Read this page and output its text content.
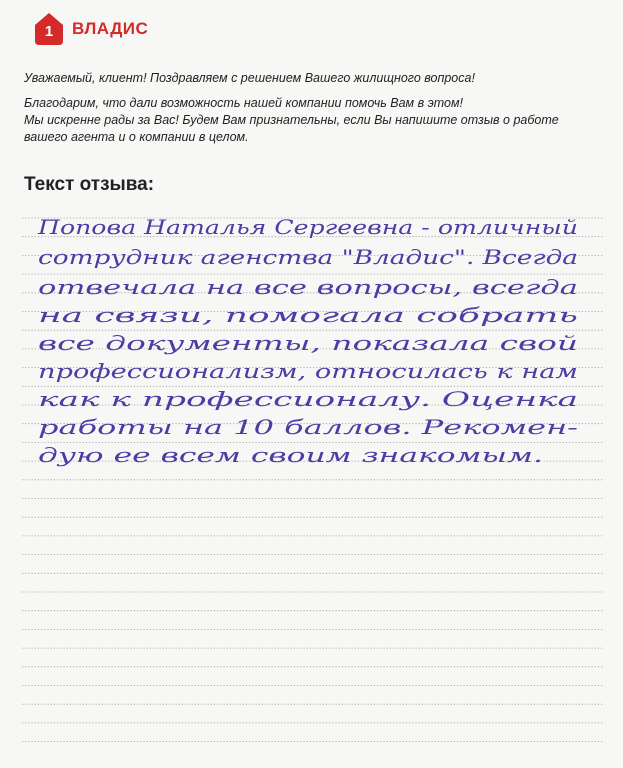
1 ВЛАДИС

Уважаемый, клиент! Поздравляем с решением Вашего жилищного вопроса!

Благодарим, что дали возможность нашей компании помочь Вам в этом!
Мы искренне рады за Вас! Будем Вам признательны, если Вы напишите отзыв о работе
вашего агента и о компании в целом.

Текст отзыва:
Попова Наталья Сергеевна - отличный
сотрудник агенства "Владис". Всегда
отвечала на все вопросы, всегда
на связи, помогала собрать
все документы, показала свой
профессионализм, относилась к нам
как к профессионалу. Оценка
работы на 10 баллов. Рекомен-
дую ее всем своим знакомым.
